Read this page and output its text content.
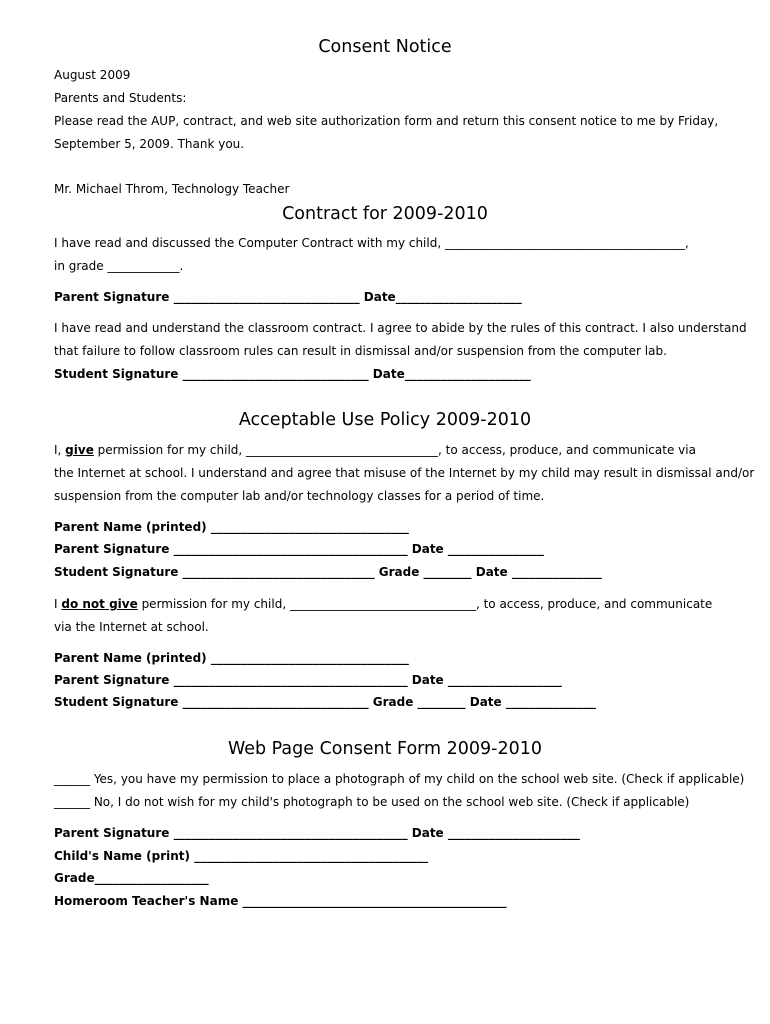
Consent Notice
August 2009
Parents and Students:
Please read the AUP, contract, and web site authorization form and return this consent notice to me by Friday,
September 5, 2009. Thank you.
Mr. Michael Throm, Technology Teacher
Contract for 2009-2010
I have read and discussed the Computer Contract with my child, ________________________________________,
in grade ____________.
Parent Signature _______________________________ Date_____________________
I have read and understand the classroom contract. I agree to abide by the rules of this contract. I also understand
that failure to follow classroom rules can result in dismissal and/or suspension from the computer lab.
Student Signature _______________________________ Date_____________________
Acceptable Use Policy 2009-2010
I, give permission for my child, ________________________________, to access, produce, and communicate via
the Internet at school. I understand and agree that misuse of the Internet by my child may result in dismissal and/or
suspension from the computer lab and/or technology classes for a period of time.
Parent Name (printed) _________________________________
Parent Signature _______________________________________ Date ________________
Student Signature ________________________________ Grade ________ Date _______________
I do not give permission for my child, _______________________________, to access, produce, and communicate
via the Internet at school.
Parent Name (printed) _________________________________
Parent Signature _______________________________________ Date ___________________
Student Signature _______________________________ Grade ________ Date _______________
Web Page Consent Form 2009-2010
______ Yes, you have my permission to place a photograph of my child on the school web site. (Check if applicable)
______ No, I do not wish for my child's photograph to be used on the school web site. (Check if applicable)
Parent Signature _______________________________________ Date ______________________
Child's Name (print) _______________________________________
Grade___________________
Homeroom Teacher's Name ____________________________________________
